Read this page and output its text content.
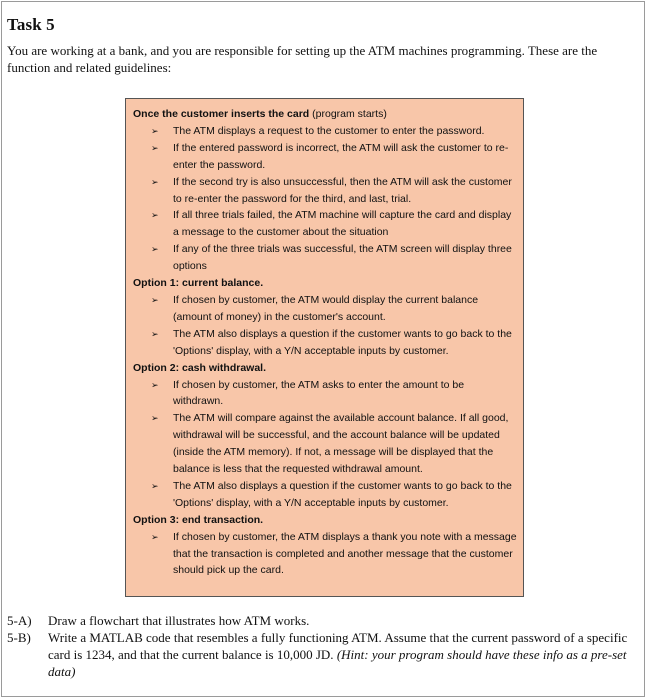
Task 5

You are working at a bank, and you are responsible for setting up the ATM machines programming. These are the function and related guidelines:

Once the customer inserts the card (program starts)
➢ The ATM displays a request to the customer to enter the password.
➢ If the entered password is incorrect, the ATM will ask the customer to re-enter the password.
➢ If the second try is also unsuccessful, then the ATM will ask the customer to re-enter the password for the third, and last, trial.
➢ If all three trials failed, the ATM machine will capture the card and display a message to the customer about the situation
➢ If any of the three trials was successful, the ATM screen will display three options
Option 1: current balance.
➢ If chosen by customer, the ATM would display the current balance (amount of money) in the customer's account.
➢ The ATM also displays a question if the customer wants to go back to the 'Options' display, with a Y/N acceptable inputs by customer.
Option 2: cash withdrawal.
➢ If chosen by customer, the ATM asks to enter the amount to be withdrawn.
➢ The ATM will compare against the available account balance. If all good, withdrawal will be successful, and the account balance will be updated (inside the ATM memory). If not, a message will be displayed that the balance is less that the requested withdrawal amount.
➢ The ATM also displays a question if the customer wants to go back to the 'Options' display, with a Y/N acceptable inputs by customer.
Option 3: end transaction.
➢ If chosen by customer, the ATM displays a thank you note with a message that the transaction is completed and another message that the customer should pick up the card.

5-A) Draw a flowchart that illustrates how ATM works.

5-B) Write a MATLAB code that resembles a fully functioning ATM. Assume that the current password of a specific card is 1234, and that the current balance is 10,000 JD. (Hint: your program should have these info as a pre-set data)
